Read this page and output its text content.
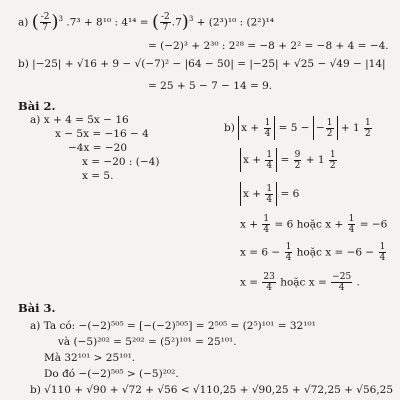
a) ( $\frac{-2}{7} )^3$ .7³ + 8¹⁰ : 4¹⁴ = ( $\frac{-2}{7} .7)^3 + (2^3)^{10}$ : (2²)¹⁴
= (−2)³ + 2³⁰ : 2²⁸ = −8 + 2² = −8 + 4 = −4.
b) |−25| + √16 + 9 − √(−7)² − |64 − 50| = |−25| + √25 − √49 − |14|
= 25 + 5 − 7 − 14 = 9.
Bài 2.
a) x + 4 = 5x − 16
x − 5x = −16 − 4
−4x = −20
x = −20 : (−4)
x = 5.
b) $x + \frac{1}{4} = 5$ − − $\frac{1}{2} + 1 \frac{1}{2}$
$x + \frac{1}{4} = \frac{9}{2} + 1 \frac{1}{2}$
$x + \frac{1}{4} = 6$
$x + \frac{1}{4} = 6$ hoặc $x + \frac{1}{4} = -6$
$x = 6 - \frac{1}{4}$ hoặc $x = -6 - \frac{1}{4}$
$x = \frac{23}{4}$ hoặc $x = \frac{-25}{4}$ .
Bài 3.
a) Ta có: −(−2)⁵⁰⁵ = [−(−2)⁵⁰⁵] = 2⁵⁰⁵ = (2⁵)¹⁰¹ = 32¹⁰¹
và (−5)²⁰² = 5²⁰² = (5²)¹⁰¹ = 25¹⁰¹.
Mà 32¹⁰¹ > 25¹⁰¹.
Do đó −(−2)⁵⁰⁵ > (−5)²⁰².
b) √110 + √90 + √72 + √56 < √110,25 + √90,25 + √72,25 + √56,25
